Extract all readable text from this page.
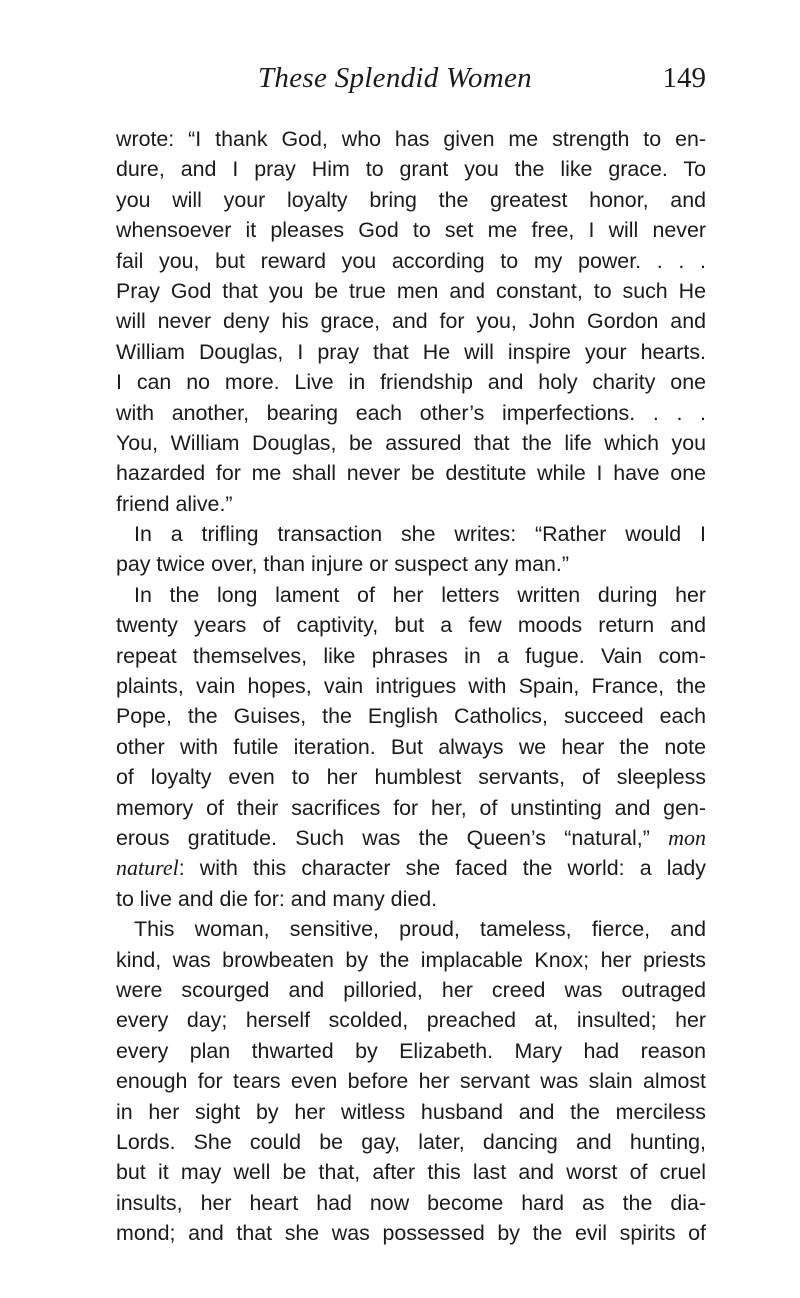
These Splendid Women	149
wrote: “I thank God, who has given me strength to en-
dure, and I pray Him to grant you the like grace. To
you will your loyalty bring the greatest honor, and
whensoever it pleases God to set me free, I will never
fail you, but reward you according to my power. . . .
Pray God that you be true men and constant, to such He
will never deny his grace, and for you, John Gordon and
William Douglas, I pray that He will inspire your hearts.
I can no more. Live in friendship and holy charity one
with another, bearing each other’s imperfections. . . .
You, William Douglas, be assured that the life which you
hazarded for me shall never be destitute while I have one
friend alive.”
In a trifling transaction she writes: “Rather would I
pay twice over, than injure or suspect any man.”
In the long lament of her letters written during her
twenty years of captivity, but a few moods return and
repeat themselves, like phrases in a fugue. Vain com-
plaints, vain hopes, vain intrigues with Spain, France, the
Pope, the Guises, the English Catholics, succeed each
other with futile iteration. But always we hear the note
of loyalty even to her humblest servants, of sleepless
memory of their sacrifices for her, of unstinting and gen-
erous gratitude. Such was the Queen’s “natural,” mon
naturel: with this character she faced the world: a lady
to live and die for: and many died.
This woman, sensitive, proud, tameless, fierce, and
kind, was browbeaten by the implacable Knox; her priests
were scourged and pilloried, her creed was outraged
every day; herself scolded, preached at, insulted; her
every plan thwarted by Elizabeth. Mary had reason
enough for tears even before her servant was slain almost
in her sight by her witless husband and the merciless
Lords. She could be gay, later, dancing and hunting,
but it may well be that, after this last and worst of cruel
insults, her heart had now become hard as the dia-
mond; and that she was possessed by the evil spirits of
